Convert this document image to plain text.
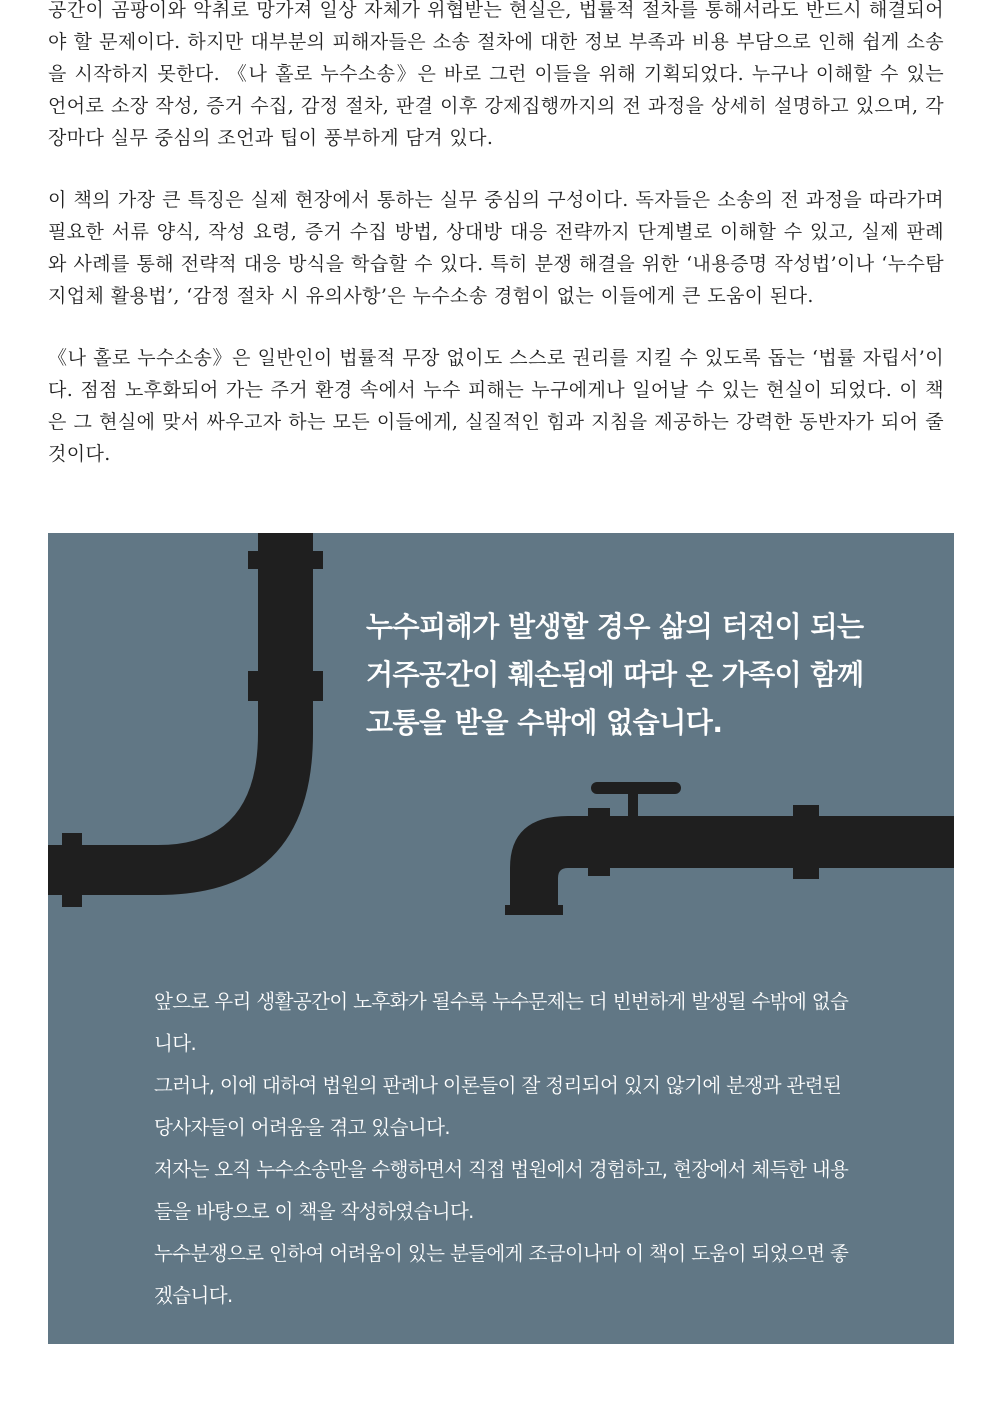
공간이 곰팡이와 악취로 망가져 일상 자체가 위협받는 현실은, 법률적 절차를 통해서라도 반드시 해결되어야 할 문제이다. 하지만 대부분의 피해자들은 소송 절차에 대한 정보 부족과 비용 부담으로 인해 쉽게 소송을 시작하지 못한다. 《나 홀로 누수소송》은 바로 그런 이들을 위해 기획되었다. 누구나 이해할 수 있는 언어로 소장 작성, 증거 수집, 감정 절차, 판결 이후 강제집행까지의 전 과정을 상세히 설명하고 있으며, 각 장마다 실무 중심의 조언과 팁이 풍부하게 담겨 있다.

이 책의 가장 큰 특징은 실제 현장에서 통하는 실무 중심의 구성이다. 독자들은 소송의 전 과정을 따라가며 필요한 서류 양식, 작성 요령, 증거 수집 방법, 상대방 대응 전략까지 단계별로 이해할 수 있고, 실제 판례와 사례를 통해 전략적 대응 방식을 학습할 수 있다. 특히 분쟁 해결을 위한 ‘내용증명 작성법’이나 ‘누수탐지업체 활용법’, ‘감정 절차 시 유의사항’은 누수소송 경험이 없는 이들에게 큰 도움이 된다.

《나 홀로 누수소송》은 일반인이 법률적 무장 없이도 스스로 권리를 지킬 수 있도록 돕는 ‘법률 자립서’이다. 점점 노후화되어 가는 주거 환경 속에서 누수 피해는 누구에게나 일어날 수 있는 현실이 되었다. 이 책은 그 현실에 맞서 싸우고자 하는 모든 이들에게, 실질적인 힘과 지침을 제공하는 강력한 동반자가 되어 줄 것이다.

누수피해가 발생할 경우 삶의 터전이 되는
거주공간이 훼손됨에 따라 온 가족이 함께
고통을 받을 수밖에 없습니다.
앞으로 우리 생활공간이 노후화가 될수록 누수문제는 더 빈번하게 발생될 수밖에 없습
니다.
그러나, 이에 대하여 법원의 판례나 이론들이 잘 정리되어 있지 않기에 분쟁과 관련된
당사자들이 어려움을 겪고 있습니다.
저자는 오직 누수소송만을 수행하면서 직접 법원에서 경험하고, 현장에서 체득한 내용
들을 바탕으로 이 책을 작성하였습니다.
누수분쟁으로 인하여 어려움이 있는 분들에게 조금이나마 이 책이 도움이 되었으면 좋
겠습니다.
